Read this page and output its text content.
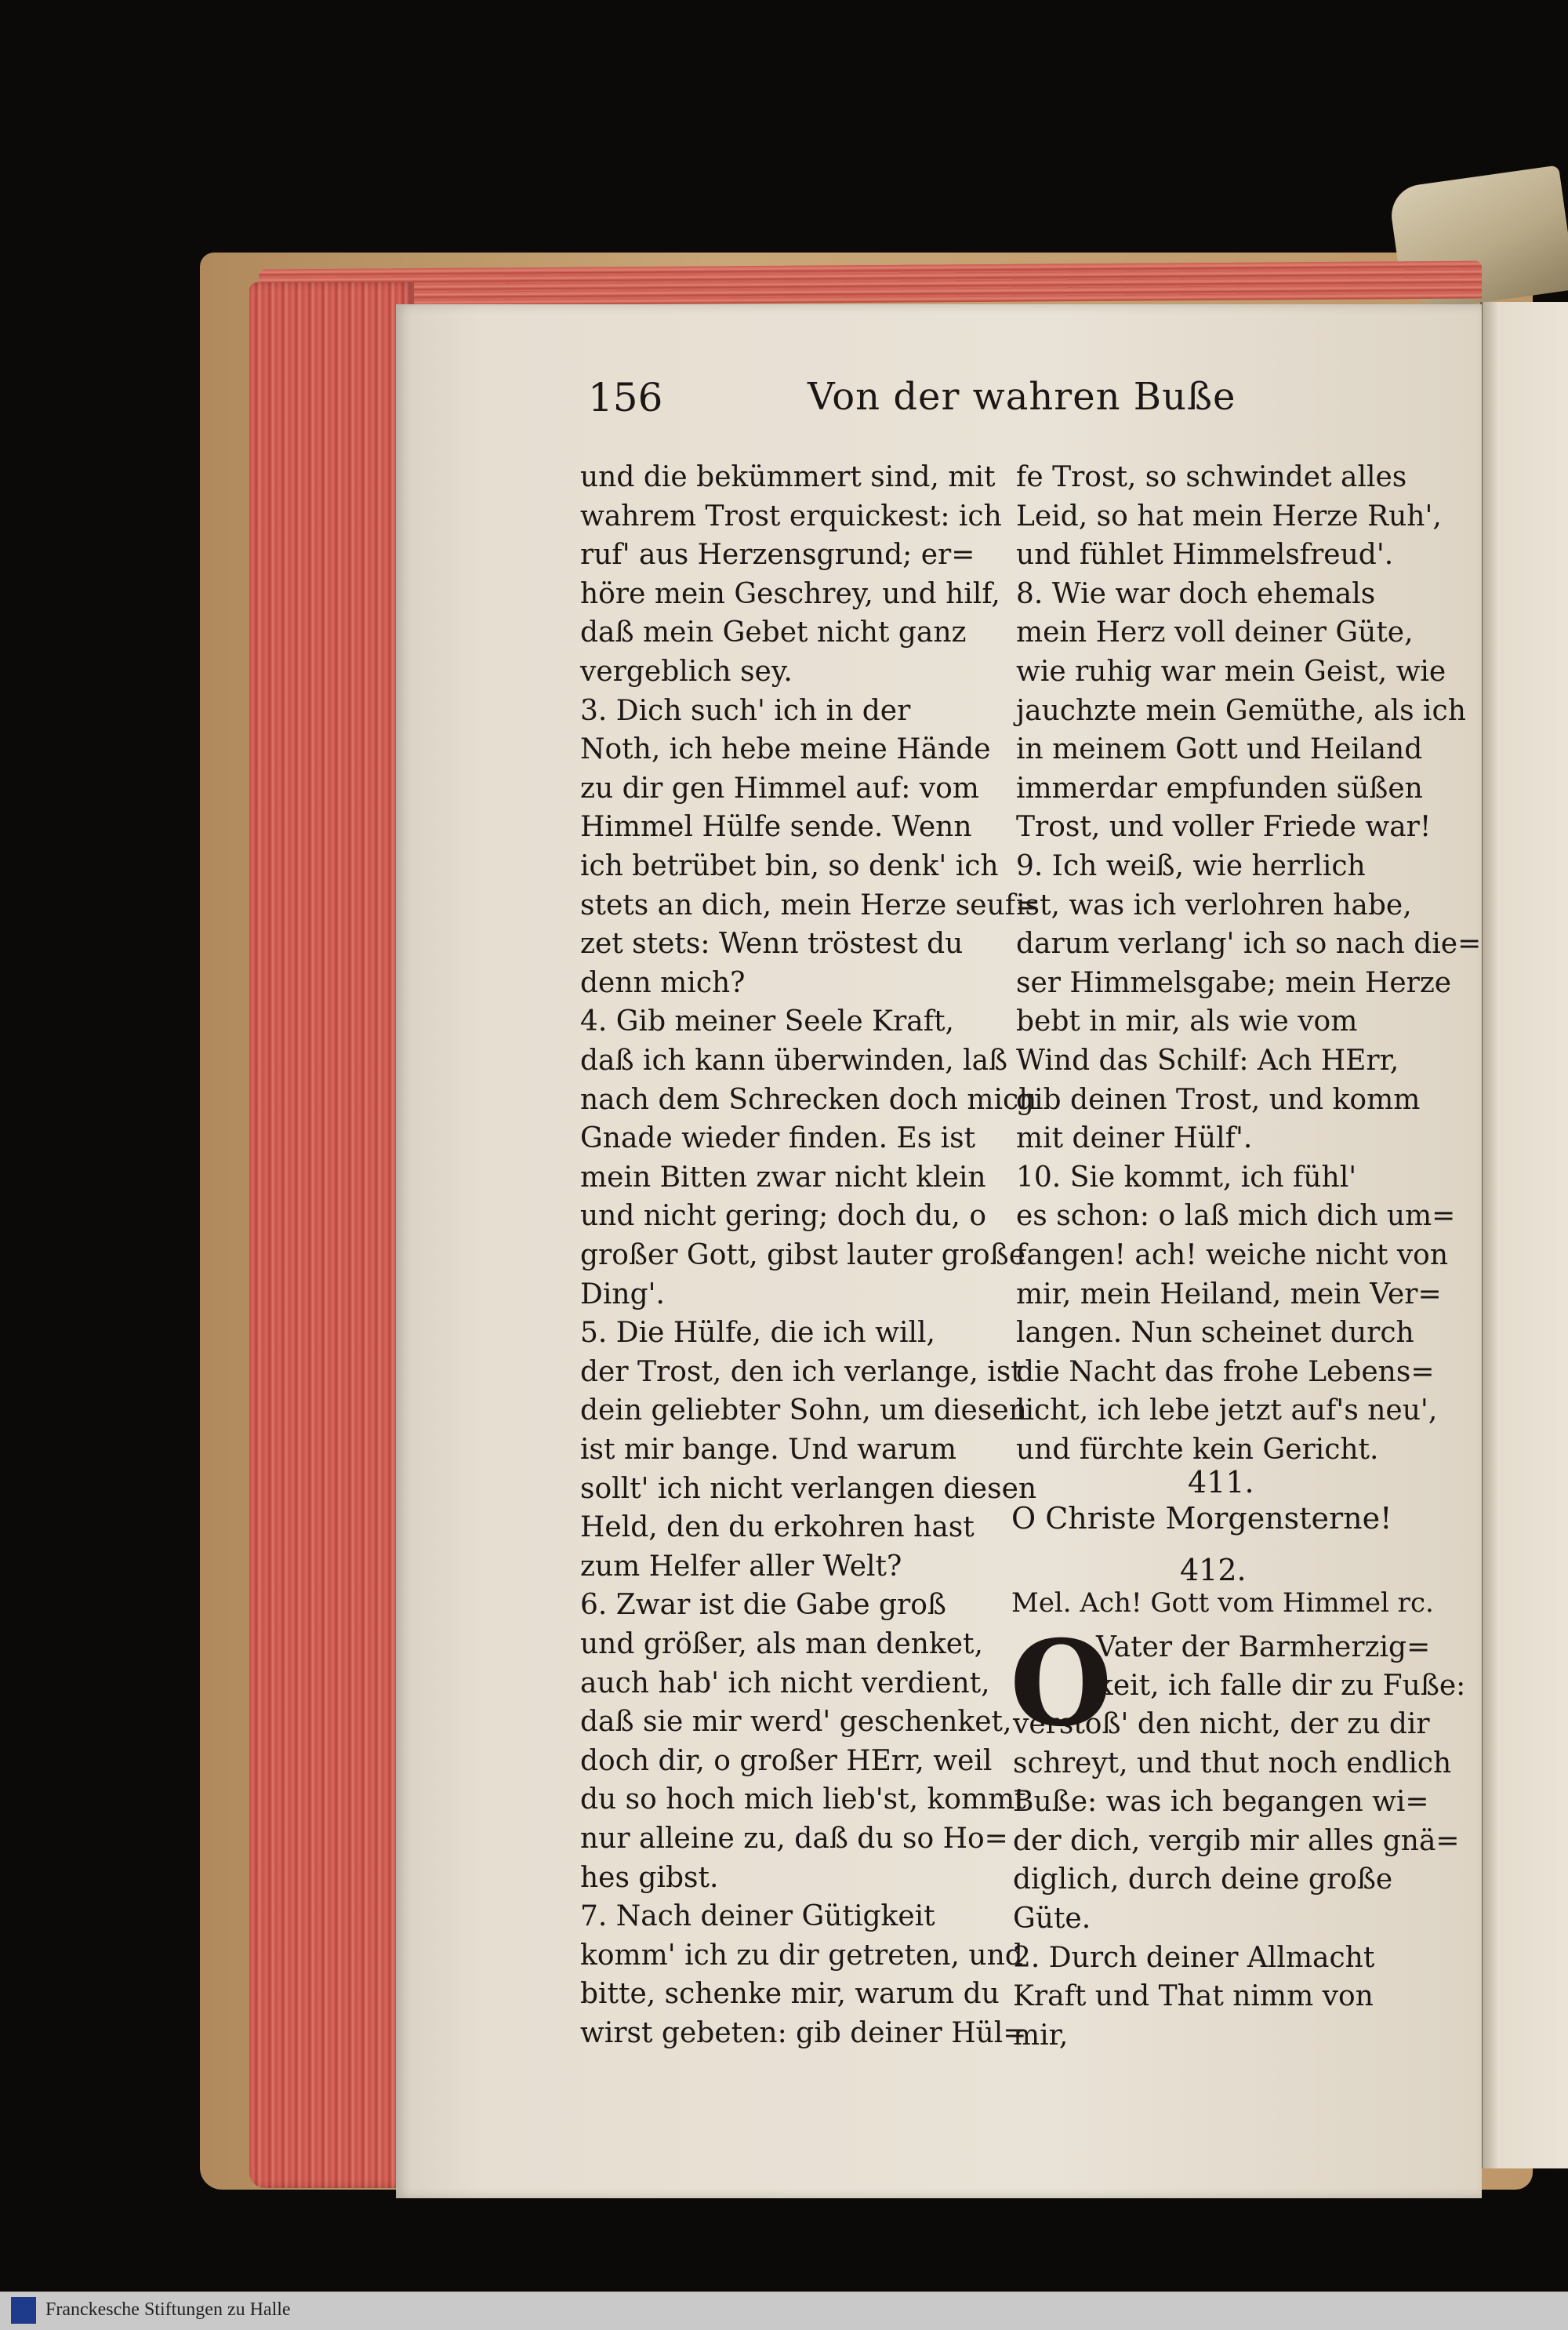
156	Von der wahren Buße
und die bekümmert sind, mit
wahrem Trost erquickest: ich
ruf' aus Herzensgrund; er=
höre mein Geschrey, und hilf,
daß mein Gebet nicht ganz
vergeblich sey.
3. Dich such' ich in der
Noth, ich hebe meine Hände
zu dir gen Himmel auf: vom
Himmel Hülfe sende. Wenn
ich betrübet bin, so denk' ich
stets an dich, mein Herze seuf=
zet stets: Wenn tröstest du
denn mich?
4. Gib meiner Seele Kraft,
daß ich kann überwinden, laß
nach dem Schrecken doch mich
Gnade wieder finden. Es ist
mein Bitten zwar nicht klein
und nicht gering; doch du, o
großer Gott, gibst lauter große
Ding'.
5. Die Hülfe, die ich will,
der Trost, den ich verlange, ist
dein geliebter Sohn, um diesen
ist mir bange. Und warum
sollt' ich nicht verlangen diesen
Held, den du erkohren hast
zum Helfer aller Welt?
6. Zwar ist die Gabe groß
und größer, als man denket,
auch hab' ich nicht verdient,
daß sie mir werd' geschenket,
doch dir, o großer HErr, weil
du so hoch mich lieb'st, kommt
nur alleine zu, daß du so Ho=
hes gibst.
7. Nach deiner Gütigkeit
komm' ich zu dir getreten, und
bitte, schenke mir, warum du
wirst gebeten: gib deiner Hül=
fe Trost, so schwindet alles
Leid, so hat mein Herze Ruh',
und fühlet Himmelsfreud'.
8. Wie war doch ehemals
mein Herz voll deiner Güte,
wie ruhig war mein Geist, wie
jauchzte mein Gemüthe, als ich
in meinem Gott und Heiland
immerdar empfunden süßen
Trost, und voller Friede war!
9. Ich weiß, wie herrlich
ist, was ich verlohren habe,
darum verlang' ich so nach die=
ser Himmelsgabe; mein Herze
bebt in mir, als wie vom
Wind das Schilf: Ach HErr,
gib deinen Trost, und komm
mit deiner Hülf'.
10. Sie kommt, ich fühl'
es schon: o laß mich dich um=
fangen! ach! weiche nicht von
mir, mein Heiland, mein Ver=
langen. Nun scheinet durch
die Nacht das frohe Lebens=
licht, ich lebe jetzt auf's neu',
und fürchte kein Gericht.
411.
O Christe Morgensterne!
412.
Mel. Ach! Gott vom Himmel rc.
O
Vater der Barmherzig=
keit, ich falle dir zu Fuße:
verstoß' den nicht, der zu dir
schreyt, und thut noch endlich
Buße: was ich begangen wi=
der dich, vergib mir alles gnä=
diglich, durch deine große
Güte.
2. Durch deiner Allmacht
Kraft und That nimm von
mir,
Franckesche Stiftungen zu Halle
